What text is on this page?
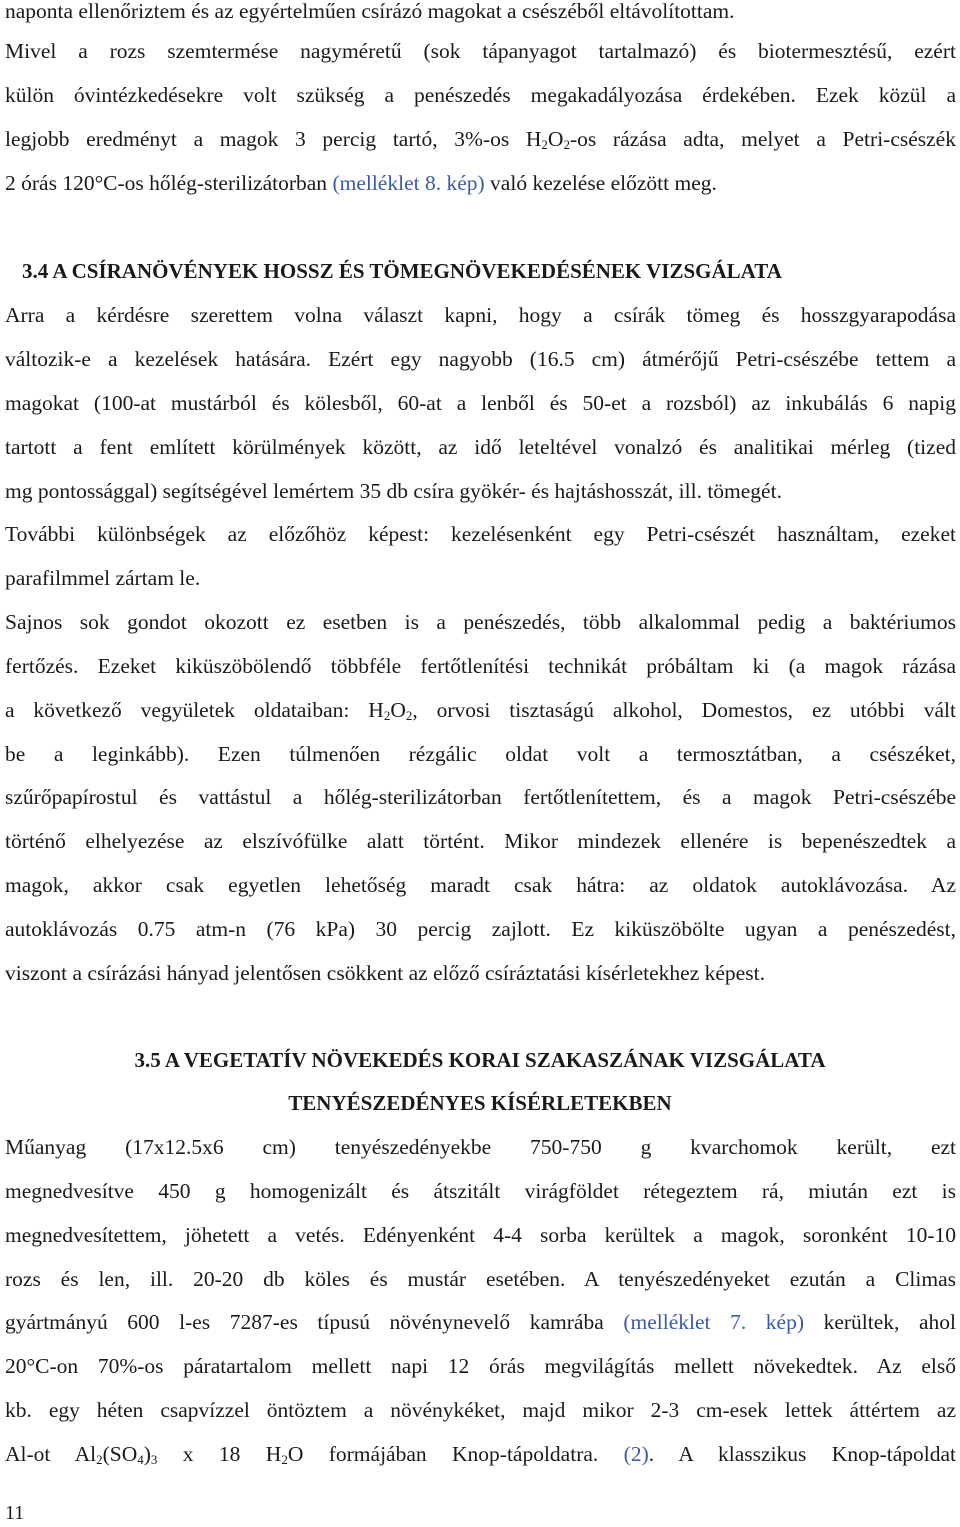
naponta ellenőriztem és az egyértelműen csírázó magokat a csészéből eltávolítottam.
Mivel a rozs szemtermése nagyméretű (sok tápanyagot tartalmazó) és biotermesztésű, ezért
külön óvintézkedésekre volt szükség a penészedés megakadályozása érdekében. Ezek közül a
legjobb eredményt a magok 3 percig tartó, 3%-os $H_2O_2-os$ rázása adta, melyet a Petri-csészék
2 órás 120°C-os hőlég-sterilizátorban (melléklet 8. kép) való kezelése előzött meg.
3.4 A CSÍRANÖVÉNYEK HOSSZ ÉS TÖMEGNÖVEKEDÉSÉNEK VIZSGÁLATA
Arra a kérdésre szerettem volna választ kapni, hogy a csírák tömeg és hosszgyarapodása
változik-e a kezelések hatására. Ezért egy nagyobb (16.5 cm) átmérőjű Petri-csészébe tettem a
magokat (100-at mustárból és kölesből, 60-at a lenből és 50-et a rozsból) az inkubálás 6 napig
tartott a fent említett körülmények között, az idő leteltével vonalzó és analitikai mérleg (tized
mg pontossággal) segítségével lemértem 35 db csíra gyökér- és hajtáshosszát, ill. tömegét.
További különbségek az előzőhöz képest: kezelésenként egy Petri-csészét használtam, ezeket
parafilmmel zártam le.
Sajnos sok gondot okozott ez esetben is a penészedés, több alkalommal pedig a baktériumos
fertőzés. Ezeket kiküszöbölendő többféle fertőtlenítési technikát próbáltam ki (a magok rázása
a következő vegyületek oldataiban: $H_2O_2$, orvosi tisztaságú alkohol, Domestos, ez utóbbi vált
be a leginkább). Ezen túlmenően rézgálic oldat volt a termosztátban, a csészéket,
szűrőpapírostul és vattástul a hőlég-sterilizátorban fertőtlenítettem, és a magok Petri-csészébe
történő elhelyezése az elszívófülke alatt történt. Mikor mindezek ellenére is bepenészedtek a
magok, akkor csak egyetlen lehetőség maradt csak hátra: az oldatok autoklávozása. Az
autoklávozás 0.75 atm-n (76 kPa) 30 percig zajlott. Ez kiküszöbölte ugyan a penészedést,
viszont a csírázási hányad jelentősen csökkent az előző csíráztatási kísérletekhez képest.
3.5 A VEGETATÍV NÖVEKEDÉS KORAI SZAKASZÁNAK VIZSGÁLATA
TENYÉSZEDÉNYES KÍSÉRLETEKBEN
Műanyag (17x12.5x6 cm) tenyészedényekbe 750-750 g kvarchomok került, ezt
megnedvesítve 450 g homogenizált és átszitált virágföldet rétegeztem rá, miután ezt is
megnedvesítettem, jöhetett a vetés. Edényenként 4-4 sorba kerültek a magok, soronként 10-10
rozs és len, ill. 20-20 db köles és mustár esetében. A tenyészedényeket ezután a Climas
gyártmányú 600 l-es 7287-es típusú növénynevelő kamrába (melléklet 7. kép) kerültek, ahol
20°C-on 70%-os páratartalom mellett napi 12 órás megvilágítás mellett növekedtek. Az első
kb. egy héten csapvízzel öntöztem a növénykéket, majd mikor 2-3 cm-esek lettek áttértem az
Al-ot $Al_2(SO_4)_3$ x 18 $H_2O$ formájában Knop-tápoldatra. (2). A klasszikus Knop-tápoldat
11
